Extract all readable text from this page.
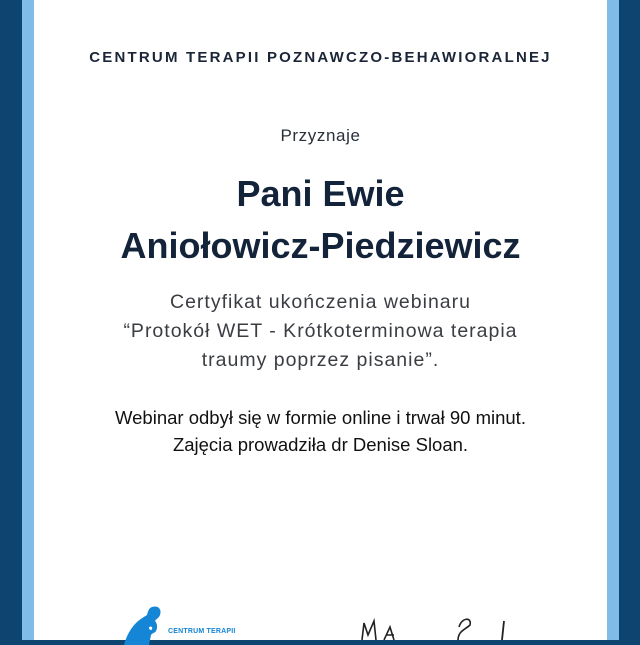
CENTRUM TERAPII POZNAWCZO-BEHAWIORALNEJ
Przyznaje
Pani Ewie
Aniołowicz-Piedziewicz
Certyfikat ukończenia webinaru
“Protokół WET - Krótkoterminowa terapia
traumy poprzez pisanie”.
Webinar odbył się w formie online i trwał 90 minut.
Zajęcia prowadziła dr Denise Sloan.
CENTRUM TERAPII
